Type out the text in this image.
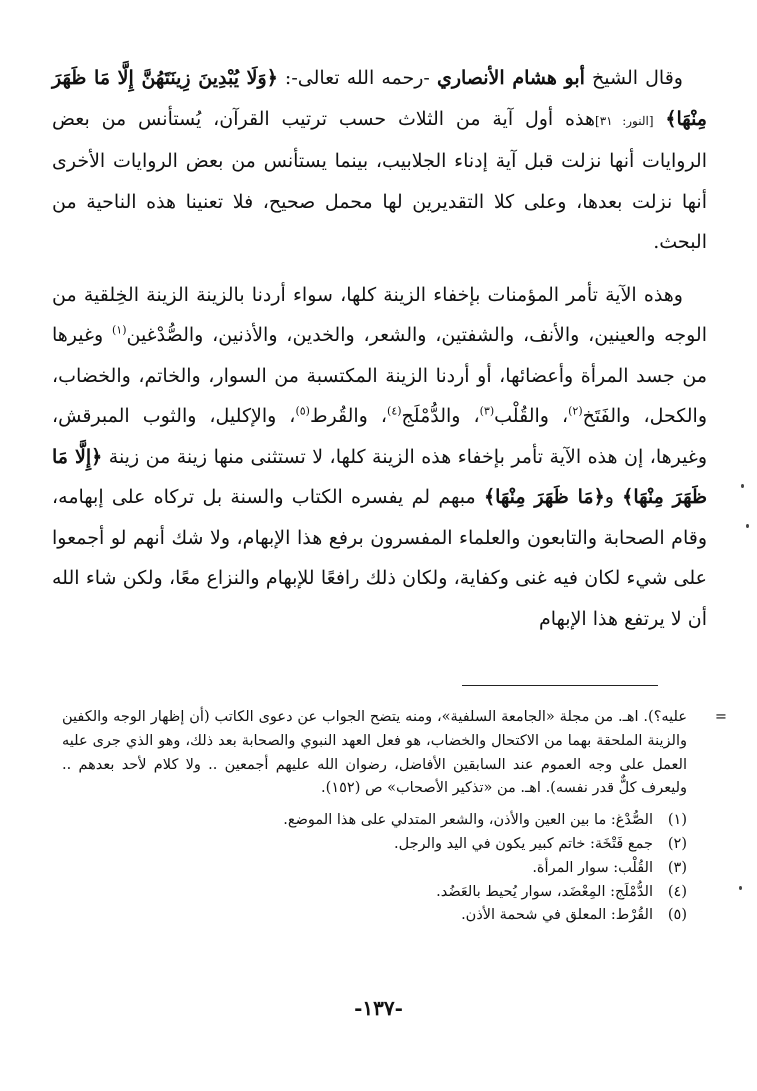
وقال الشيخ أبو هشام الأنصاري -رحمه الله تعالى-: ﴿وَلَا يُبْدِينَ زِينَتَهُنَّ إِلَّا مَا ظَهَرَ مِنْهَا﴾ [النور: ٣١]هذه أول آية من الثلاث حسب ترتيب القرآن، يُستأنس من بعض الروايات أنها نزلت قبل آية إدناء الجلابيب، بينما يستأنس من بعض الروايات الأخرى أنها نزلت بعدها، وعلى كلا التقديرين لها محمل صحيح، فلا تعنينا هذه الناحية من البحث.

وهذه الآية تأمر المؤمنات بإخفاء الزينة كلها، سواء أردنا بالزينة الزينة الخِلقية من الوجه والعينين، والأنف، والشفتين، والشعر، والخدين، والأذنين، والصُّدْغين$^{(١)}$ وغيرها من جسد المرأة وأعضائها، أو أردنا الزينة المكتسبة من السوار، والخاتم، والخضاب، والكحل، والفَتَخ$^{(٢)}$، والقُلْب$^{(٣)}$، والدُّمْلَج$^{(٤)}$، والقُرط$^{(٥)}$، والإكليل، والثوب المبرقش، وغيرها، إن هذه الآية تأمر بإخفاء هذه الزينة كلها، لا تستثنى منها زينة من زينة ﴿إِلَّا مَا ظَهَرَ مِنْهَا﴾ و﴿مَا ظَهَرَ مِنْهَا﴾ مبهم لم يفسره الكتاب والسنة بل تركاه على إبهامه، وقام الصحابة والتابعون والعلماء المفسرون برفع هذا الإبهام، ولا شك أنهم لو أجمعوا على شيء لكان فيه غنى وكفاية، ولكان ذلك رافعًا للإبهام والنزاع معًا، ولكن شاء الله أن لا يرتفع هذا الإبهام

=
عليه؟). اهـ. من مجلة «الجامعة السلفية»، ومنه يتضح الجواب عن دعوى الكاتب (أن إظهار الوجه والكفين والزينة الملحقة بهما من الاكتحال والخضاب، هو فعل العهد النبوي والصحابة بعد ذلك، وهو الذي جرى عليه العمل على وجه العموم عند السابقين الأفاضل، رضوان الله عليهم أجمعين .. ولا كلام لأحد بعدهم .. وليعرف كلٌّ قدر نفسه). اهـ. من «تذكير الأصحاب» ص (١٥٢).

(١)الصُّدْغ: ما بين العين والأذن، والشعر المتدلي على هذا الموضع.
(٢)جمع فَتْخَة: خاتم كبير يكون في اليد والرجل.
(٣)القُلْب: سوار المرأة.
(٤)الدُّمْلَج: المِعْضَد، سوار يُحيط بالعَضُد.
(٥)القُرْط: المعلق في شحمة الأذن.
-١٣٧-
